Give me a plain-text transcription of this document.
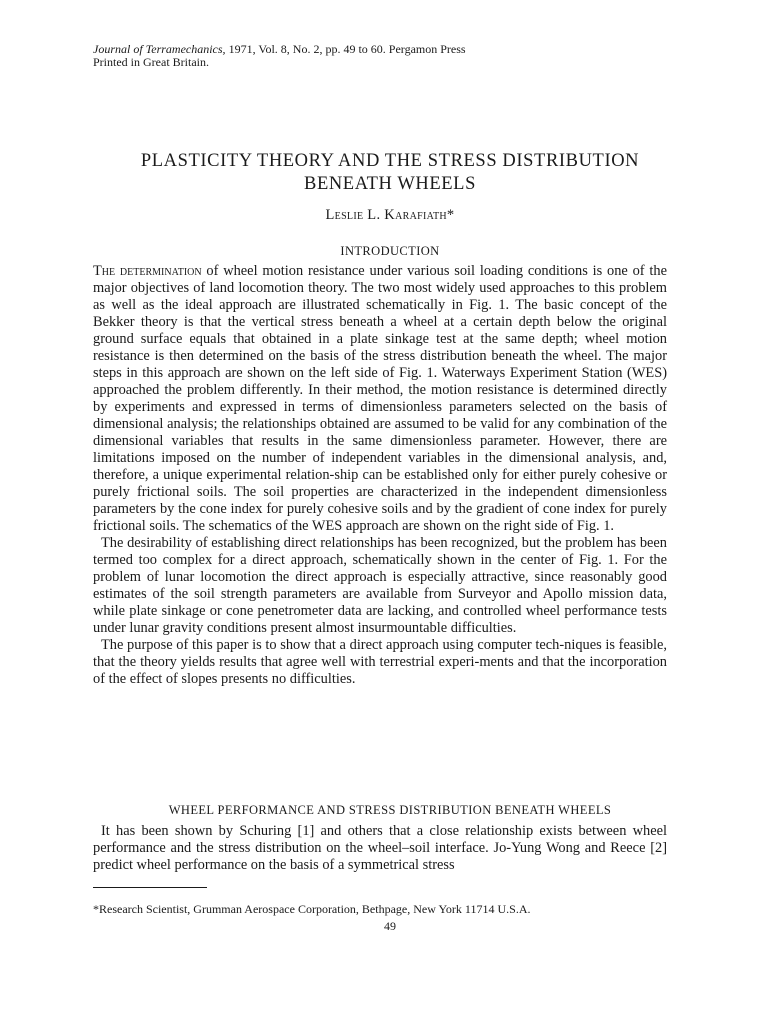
Journal of Terramechanics, 1971, Vol. 8, No. 2, pp. 49 to 60. Pergamon Press
Printed in Great Britain.
PLASTICITY THEORY AND THE STRESS DISTRIBUTION
BENEATH WHEELS
Leslie L. Karafiath*
INTRODUCTION

The determination of wheel motion resistance under various soil loading conditions is one of the major objectives of land locomotion theory. The two most widely used approaches to this problem as well as the ideal approach are illustrated schematically in Fig. 1. The basic concept of the Bekker theory is that the vertical stress beneath a wheel at a certain depth below the original ground surface equals that obtained in a plate sinkage test at the same depth; wheel motion resistance is then determined on the basis of the stress distribution beneath the wheel. The major steps in this approach are shown on the left side of Fig. 1. Waterways Experiment Station (WES) approached the problem differently. In their method, the motion resistance is determined directly by experiments and expressed in terms of dimensionless parameters selected on the basis of dimensional analysis; the relationships obtained are assumed to be valid for any combination of the dimensional variables that results in the same dimensionless parameter. However, there are limitations imposed on the number of independent variables in the dimensional analysis, and, therefore, a unique experimental relation-ship can be established only for either purely cohesive or purely frictional soils. The soil properties are characterized in the independent dimensionless parameters by the cone index for purely cohesive soils and by the gradient of cone index for purely frictional soils. The schematics of the WES approach are shown on the right side of Fig. 1.

The desirability of establishing direct relationships has been recognized, but the problem has been termed too complex for a direct approach, schematically shown in the center of Fig. 1. For the problem of lunar locomotion the direct approach is especially attractive, since reasonably good estimates of the soil strength parameters are available from Surveyor and Apollo mission data, while plate sinkage or cone penetrometer data are lacking, and controlled wheel performance tests under lunar gravity conditions present almost insurmountable difficulties.

The purpose of this paper is to show that a direct approach using computer tech-niques is feasible, that the theory yields results that agree well with terrestrial experi-ments and that the incorporation of the effect of slopes presents no difficulties.

WHEEL PERFORMANCE AND STRESS DISTRIBUTION BENEATH WHEELS

It has been shown by Schuring [1] and others that a close relationship exists between wheel performance and the stress distribution on the wheel–soil interface. Jo-Yung Wong and Reece [2] predict wheel performance on the basis of a symmetrical stress

*Research Scientist, Grumman Aerospace Corporation, Bethpage, New York 11714 U.S.A.
49
